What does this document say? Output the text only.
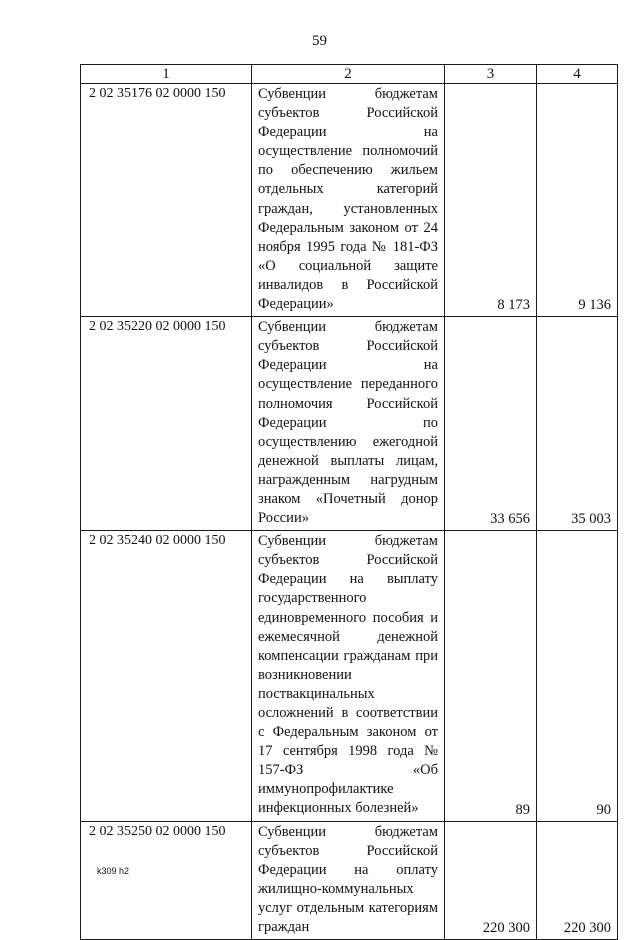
59
1	2	3	4
2 02 35176 02 0000 150	Субвенции бюджетам субъектов Российской Федерации на осуществление полномочий по обеспечению жильем отдельных категорий граждан, установленных Федеральным законом от 24 ноября 1995 года № 181-ФЗ «О социальной защите инвалидов в Российской Федерации»	8 173	9 136
2 02 35220 02 0000 150	Субвенции бюджетам субъектов Российской Федерации на осуществление переданного полномочия Российской Федерации по осуществлению ежегодной денежной выплаты лицам, награжденным нагрудным знаком «Почетный донор России»	33 656	35 003
2 02 35240 02 0000 150	Субвенции бюджетам субъектов Российской Федерации на выплату государственного единовременного пособия и ежемесячной денежной компенсации гражданам при возникновении поствакцинальных осложнений в соответствии с Федеральным законом от 17 сентября 1998 года № 157-ФЗ «Об иммунопрофилактике инфекционных болезней»	89	90
2 02 35250 02 0000 150	Субвенции бюджетам субъектов Российской Федерации на оплату жилищно-коммунальных услуг отдельным категориям граждан	220 300	220 300
k309 h2
